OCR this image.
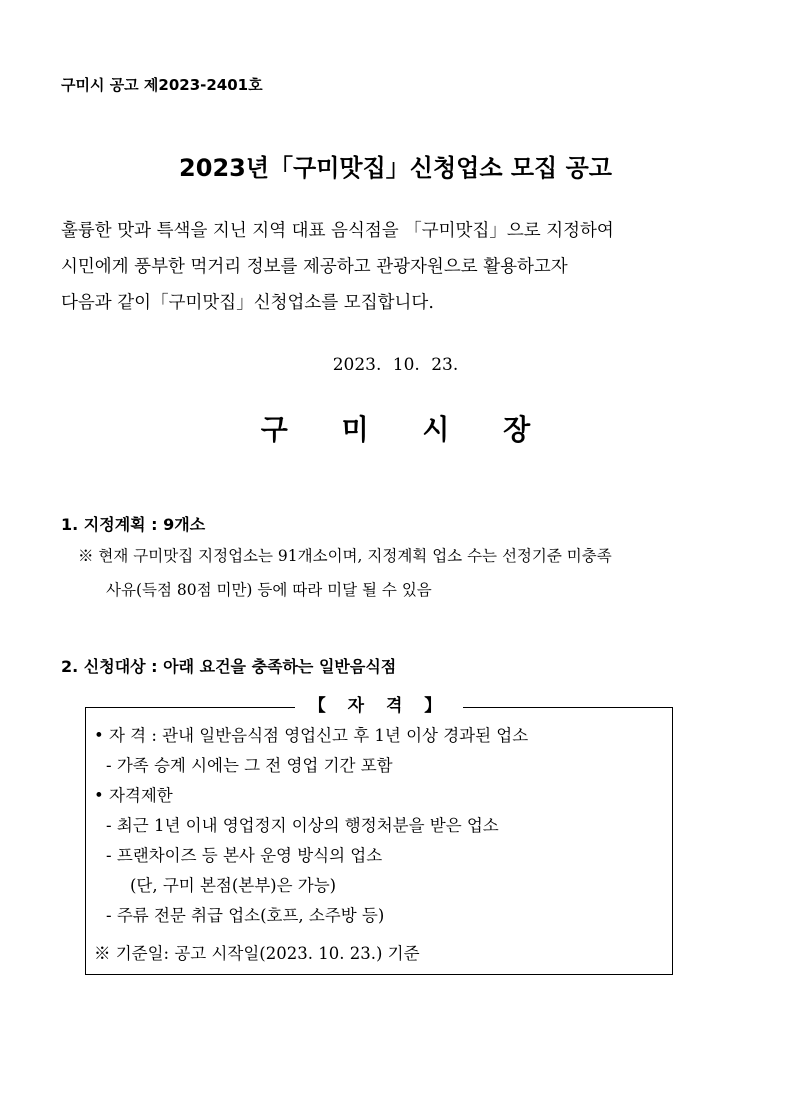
구미시 공고 제2023-2401호
2023년「구미맛집」신청업소 모집 공고
훌륭한 맛과 특색을 지닌 지역 대표 음식점을 「구미맛집」으로 지정하여
시민에게 풍부한 먹거리 정보를 제공하고 관광자원으로 활용하고자
다음과 같이「구미맛집」신청업소를 모집합니다.
2023. 10. 23.
구 미 시 장
1. 지정계획 : 9개소
※ 현재 구미맛집 지정업소는 91개소이며, 지정계획 업소 수는 선정기준 미충족
사유(득점 80점 미만) 등에 따라 미달 될 수 있음
2. 신청대상 : 아래 요건을 충족하는 일반음식점
【 자 격 】
• 자 격 : 관내 일반음식점 영업신고 후 1년 이상 경과된 업소
- 가족 승계 시에는 그 전 영업 기간 포함
• 자격제한
- 최근 1년 이내 영업정지 이상의 행정처분을 받은 업소
- 프랜차이즈 등 본사 운영 방식의 업소
(단, 구미 본점(본부)은 가능)
- 주류 전문 취급 업소(호프, 소주방 등)
※ 기준일: 공고 시작일(2023. 10. 23.) 기준
